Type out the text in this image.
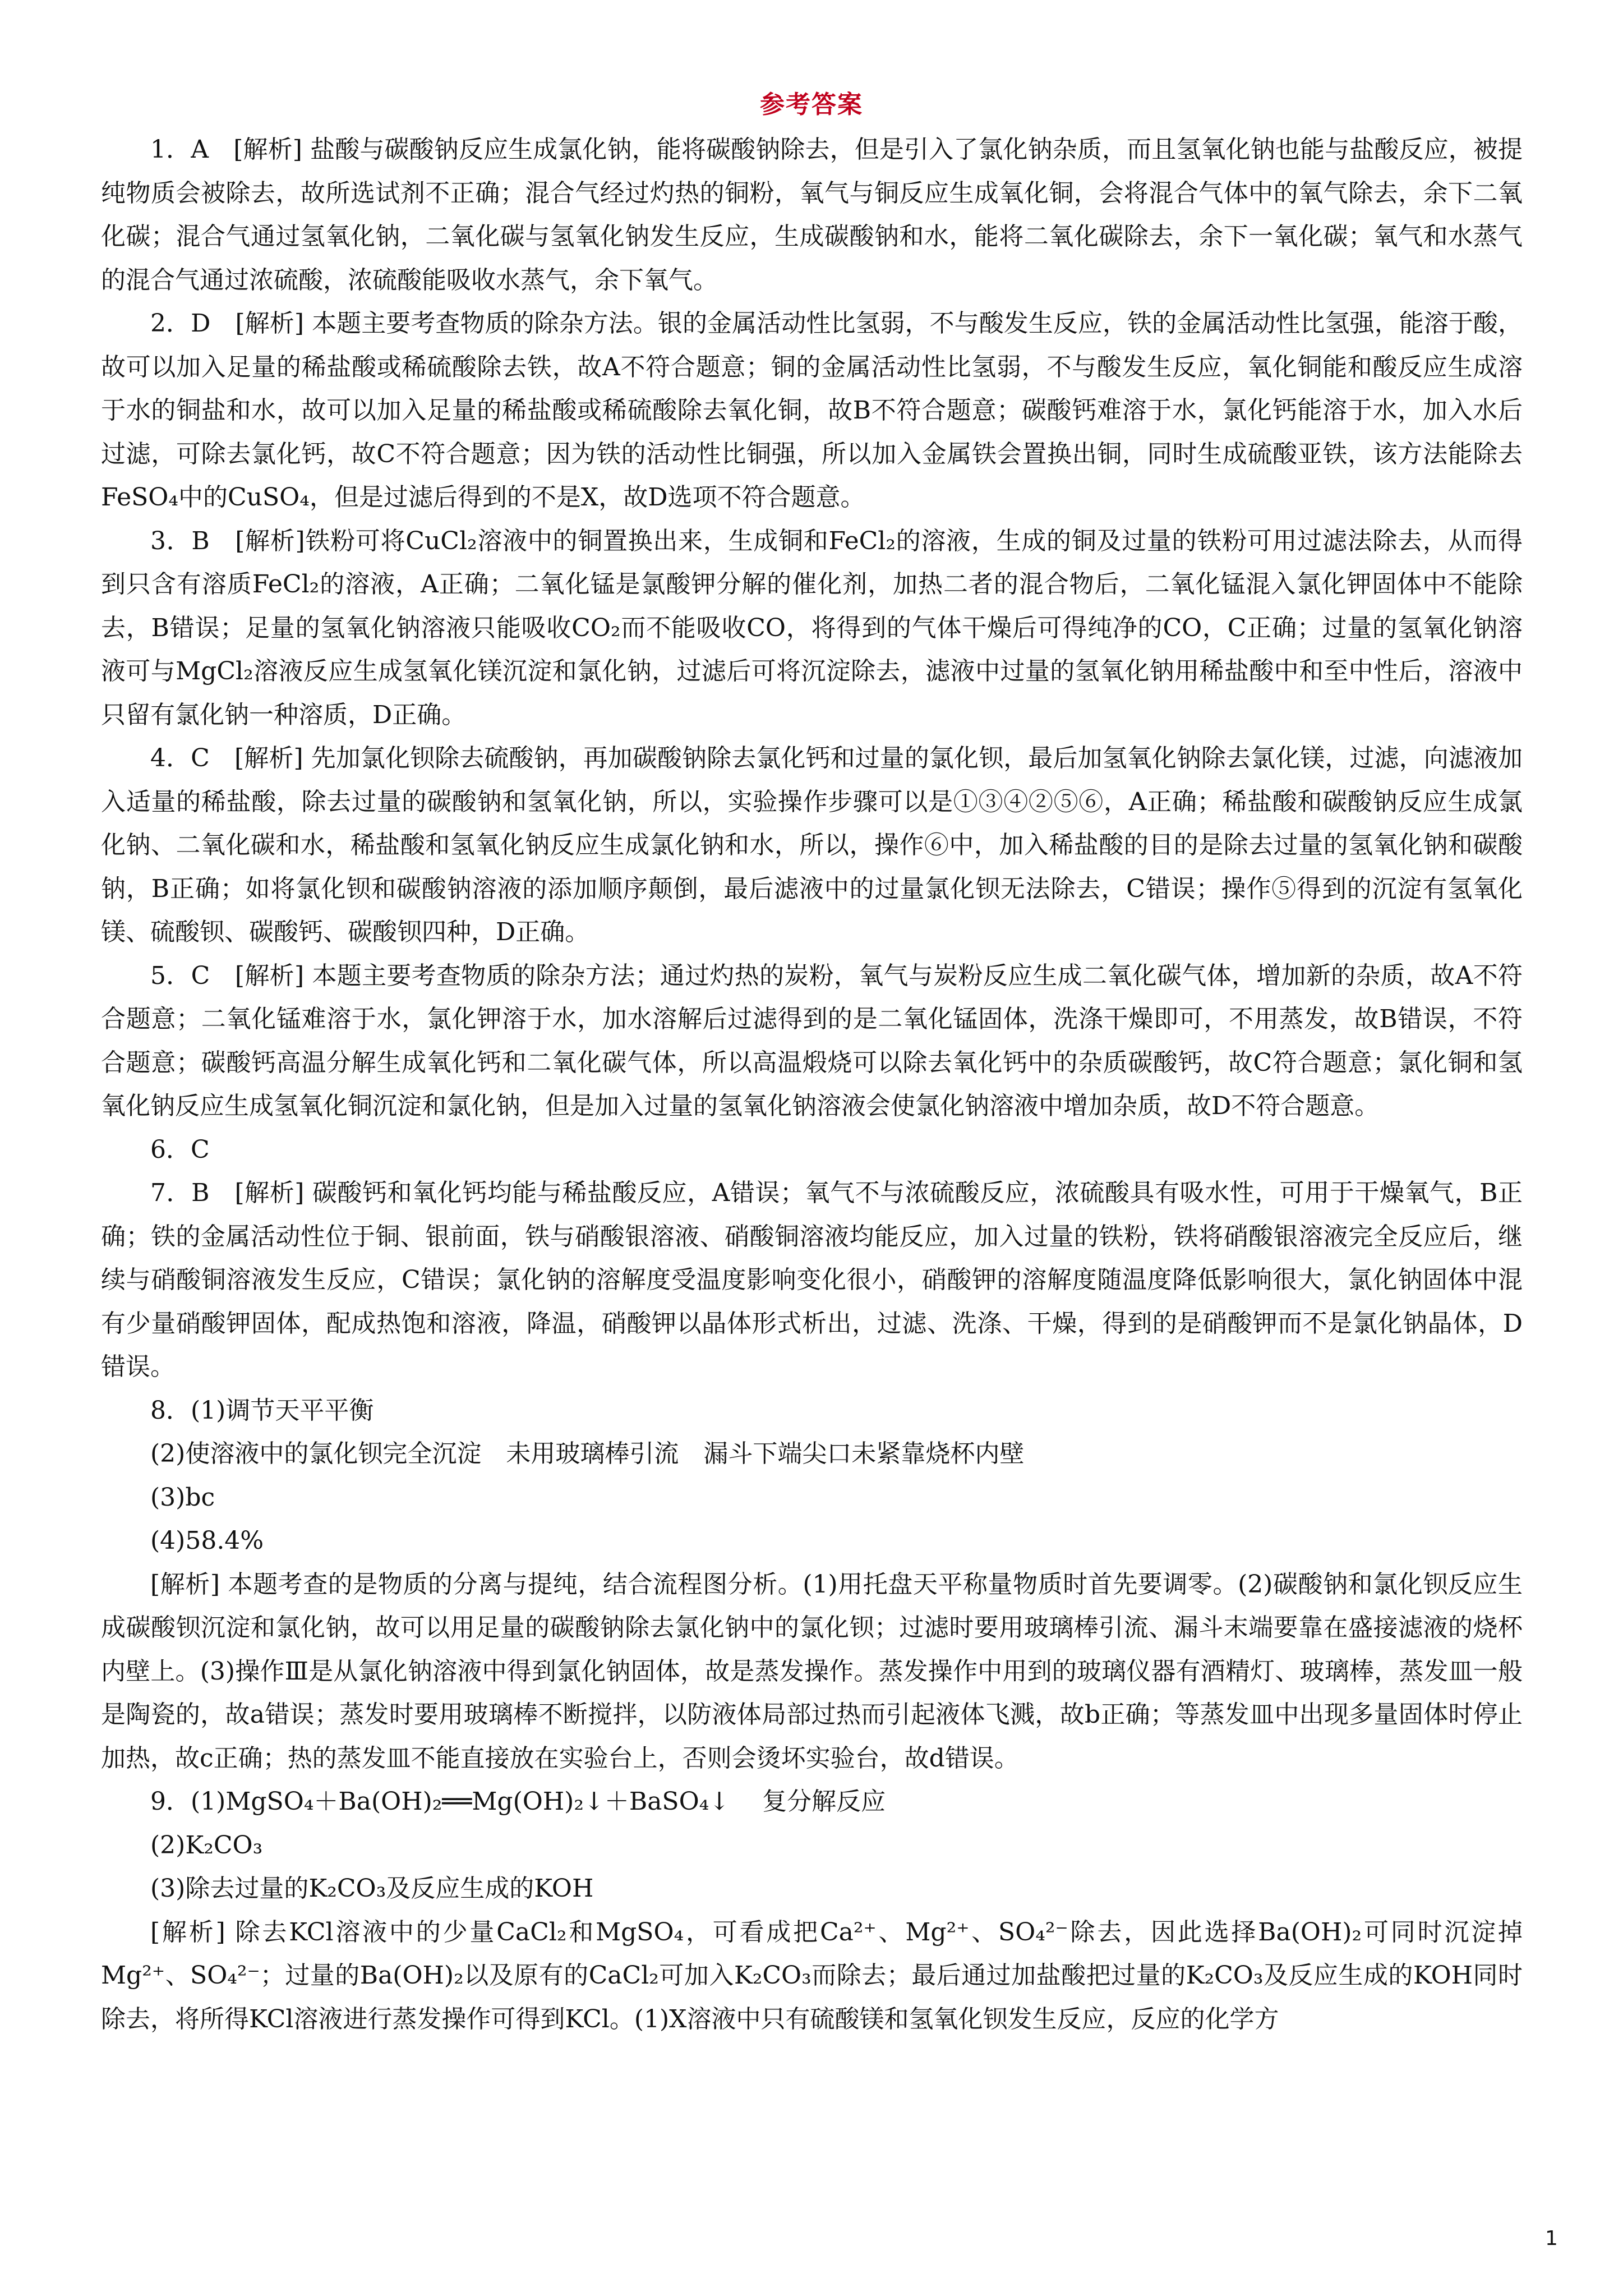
参考答案

1．A　[解析] 盐酸与碳酸钠反应生成氯化钠，能将碳酸钠除去，但是引入了氯化钠杂质，而且氢氧化钠也能与盐酸反应，被提纯物质会被除去，故所选试剂不正确；混合气经过灼热的铜粉，氧气与铜反应生成氧化铜，会将混合气体中的氧气除去，余下二氧化碳；混合气通过氢氧化钠，二氧化碳与氢氧化钠发生反应，生成碳酸钠和水，能将二氧化碳除去，余下一氧化碳；氧气和水蒸气的混合气通过浓硫酸，浓硫酸能吸收水蒸气，余下氧气。

2．D　[解析] 本题主要考查物质的除杂方法。银的金属活动性比氢弱，不与酸发生反应，铁的金属活动性比氢强，能溶于酸，故可以加入足量的稀盐酸或稀硫酸除去铁，故A不符合题意；铜的金属活动性比氢弱，不与酸发生反应，氧化铜能和酸反应生成溶于水的铜盐和水，故可以加入足量的稀盐酸或稀硫酸除去氧化铜，故B不符合题意；碳酸钙难溶于水，氯化钙能溶于水，加入水后过滤，可除去氯化钙，故C不符合题意；因为铁的活动性比铜强，所以加入金属铁会置换出铜，同时生成硫酸亚铁，该方法能除去FeSO₄中的CuSO₄，但是过滤后得到的不是X，故D选项不符合题意。

3．B　[解析]铁粉可将CuCl₂溶液中的铜置换出来，生成铜和FeCl₂的溶液，生成的铜及过量的铁粉可用过滤法除去，从而得到只含有溶质FeCl₂的溶液，A正确；二氧化锰是氯酸钾分解的催化剂，加热二者的混合物后，二氧化锰混入氯化钾固体中不能除去，B错误；足量的氢氧化钠溶液只能吸收CO₂而不能吸收CO，将得到的气体干燥后可得纯净的CO，C正确；过量的氢氧化钠溶液可与MgCl₂溶液反应生成氢氧化镁沉淀和氯化钠，过滤后可将沉淀除去，滤液中过量的氢氧化钠用稀盐酸中和至中性后，溶液中只留有氯化钠一种溶质，D正确。

4．C　[解析] 先加氯化钡除去硫酸钠，再加碳酸钠除去氯化钙和过量的氯化钡，最后加氢氧化钠除去氯化镁，过滤，向滤液加入适量的稀盐酸，除去过量的碳酸钠和氢氧化钠，所以，实验操作步骤可以是①③④②⑤⑥，A正确；稀盐酸和碳酸钠反应生成氯化钠、二氧化碳和水，稀盐酸和氢氧化钠反应生成氯化钠和水，所以，操作⑥中，加入稀盐酸的目的是除去过量的氢氧化钠和碳酸钠，B正确；如将氯化钡和碳酸钠溶液的添加顺序颠倒，最后滤液中的过量氯化钡无法除去，C错误；操作⑤得到的沉淀有氢氧化镁、硫酸钡、碳酸钙、碳酸钡四种，D正确。

5．C　[解析] 本题主要考查物质的除杂方法；通过灼热的炭粉，氧气与炭粉反应生成二氧化碳气体，增加新的杂质，故A不符合题意；二氧化锰难溶于水，氯化钾溶于水，加水溶解后过滤得到的是二氧化锰固体，洗涤干燥即可，不用蒸发，故B错误，不符合题意；碳酸钙高温分解生成氧化钙和二氧化碳气体，所以高温煅烧可以除去氧化钙中的杂质碳酸钙，故C符合题意；氯化铜和氢氧化钠反应生成氢氧化铜沉淀和氯化钠，但是加入过量的氢氧化钠溶液会使氯化钠溶液中增加杂质，故D不符合题意。

6．C

7．B　[解析] 碳酸钙和氧化钙均能与稀盐酸反应，A错误；氧气不与浓硫酸反应，浓硫酸具有吸水性，可用于干燥氧气，B正确；铁的金属活动性位于铜、银前面，铁与硝酸银溶液、硝酸铜溶液均能反应，加入过量的铁粉，铁将硝酸银溶液完全反应后，继续与硝酸铜溶液发生反应，C错误；氯化钠的溶解度受温度影响变化很小，硝酸钾的溶解度随温度降低影响很大，氯化钠固体中混有少量硝酸钾固体，配成热饱和溶液，降温，硝酸钾以晶体形式析出，过滤、洗涤、干燥，得到的是硝酸钾而不是氯化钠晶体，D错误。

8．(1)调节天平平衡

(2)使溶液中的氯化钡完全沉淀　未用玻璃棒引流　漏斗下端尖口未紧靠烧杯内壁

(3)bc

(4)58.4%

[解析] 本题考查的是物质的分离与提纯，结合流程图分析。(1)用托盘天平称量物质时首先要调零。(2)碳酸钠和氯化钡反应生成碳酸钡沉淀和氯化钠，故可以用足量的碳酸钠除去氯化钠中的氯化钡；过滤时要用玻璃棒引流、漏斗末端要靠在盛接滤液的烧杯内壁上。(3)操作Ⅲ是从氯化钠溶液中得到氯化钠固体，故是蒸发操作。蒸发操作中用到的玻璃仪器有酒精灯、玻璃棒，蒸发皿一般是陶瓷的，故a错误；蒸发时要用玻璃棒不断搅拌，以防液体局部过热而引起液体飞溅，故b正确；等蒸发皿中出现多量固体时停止加热，故c正确；热的蒸发皿不能直接放在实验台上，否则会烫坏实验台，故d错误。

9．(1)MgSO₄＋Ba(OH)₂══Mg(OH)₂↓＋BaSO₄↓　 复分解反应

(2)K₂CO₃

(3)除去过量的K₂CO₃及反应生成的KOH

[解析] 除去KCl溶液中的少量CaCl₂和MgSO₄，可看成把Ca²⁺、Mg²⁺、SO₄²⁻除去，因此选择Ba(OH)₂可同时沉淀掉Mg²⁺、SO₄²⁻；过量的Ba(OH)₂以及原有的CaCl₂可加入K₂CO₃而除去；最后通过加盐酸把过量的K₂CO₃及反应生成的KOH同时除去，将所得KCl溶液进行蒸发操作可得到KCl。(1)X溶液中只有硫酸镁和氢氧化钡发生反应，反应的化学方

1
